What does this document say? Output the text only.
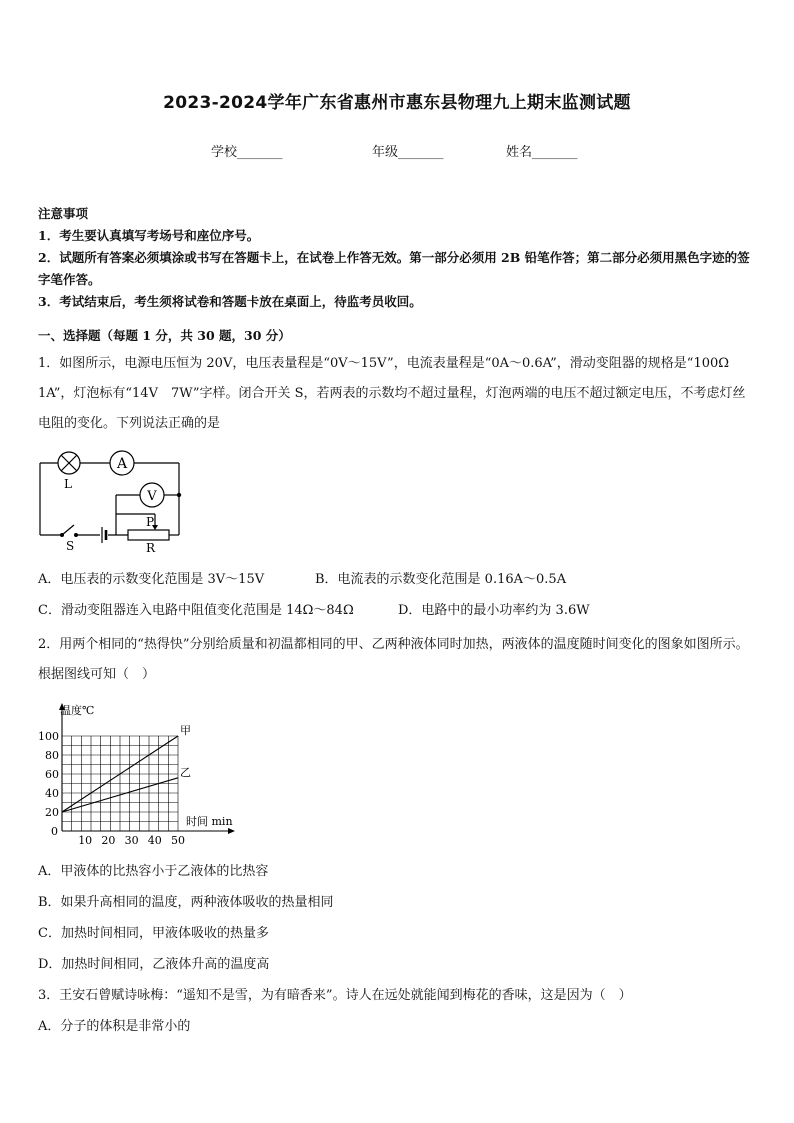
2023-2024学年广东省惠州市惠东县物理九上期末监测试题
学校_______	年级_______	姓名_______
注意事项
1．考生要认真填写考场号和座位序号。
2．试题所有答案必须填涂或书写在答题卡上，在试卷上作答无效。第一部分必须用 2B 铅笔作答；第二部分必须用黑色字迹的签字笔作答。
3．考试结束后，考生须将试卷和答题卡放在桌面上，待监考员收回。
一、选择题（每题 1 分，共 30 题，30 分）
1．如图所示，电源电压恒为 20V，电压表量程是“0V～15V”，电流表量程是“0A～0.6A”，滑动变阻器的规格是“100Ω 1A”，灯泡标有“14V　7W”字样。闭合开关 S，若两表的示数均不超过量程，灯泡两端的电压不超过额定电压，不考虑灯丝电阻的变化。下列说法正确的是
A
V
L
S
P
R
A．电压表的示数变化范围是 3V～15V	B．电流表的示数变化范围是 0.16A～0.5A
C．滑动变阻器连入电路中阻值变化范围是 14Ω～84Ω	D．电路中的最小功率约为 3.6W
2．用两个相同的“热得快”分别给质量和初温都相同的甲、乙两种液体同时加热，两液体的温度随时间变化的图象如图所示。根据图线可知（　）
20
40
60
80
100
0
10 20 30 40 50
温度℃
时间 min
甲
乙
A．甲液体的比热容小于乙液体的比热容
B．如果升高相同的温度，两种液体吸收的热量相同
C．加热时间相同，甲液体吸收的热量多
D．加热时间相同，乙液体升高的温度高
3．王安石曾赋诗咏梅：“遥知不是雪，为有暗香来”。诗人在远处就能闻到梅花的香味，这是因为（　）
A．分子的体积是非常小的
